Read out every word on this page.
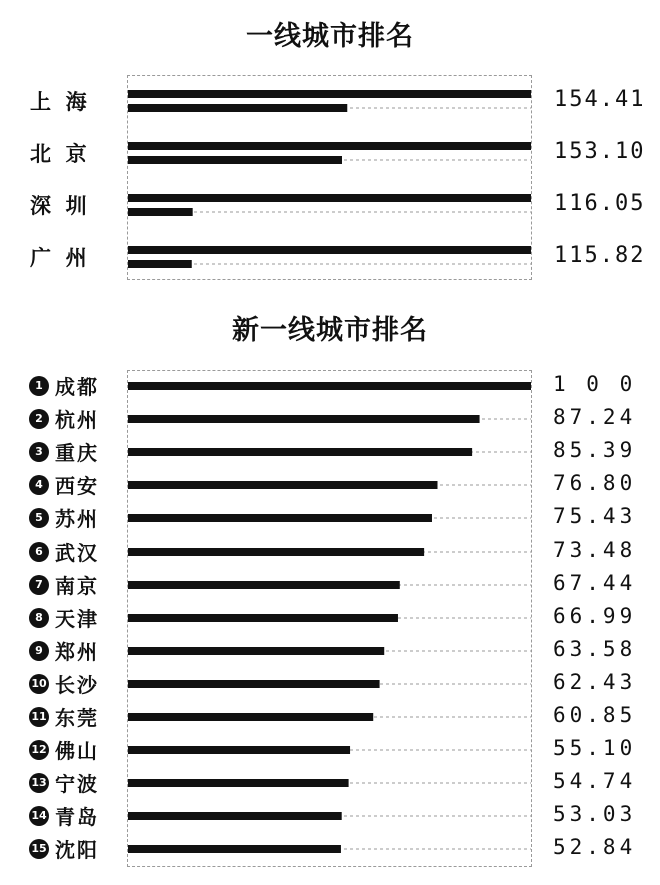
一线城市排名
新一线城市排名
上  海	154.41
北  京	153.10
深  圳	116.05
广  州	115.82
1 成都	1 0 0
2 杭州	87.24
3 重庆	85.39
4 西安	76.80
5 苏州	75.43
6 武汉	73.48
7 南京	67.44
8 天津	66.99
9 郑州	63.58
10 长沙	62.43
11 东莞	60.85
12 佛山	55.10
13 宁波	54.74
14 青岛	53.03
15 沈阳	52.84
